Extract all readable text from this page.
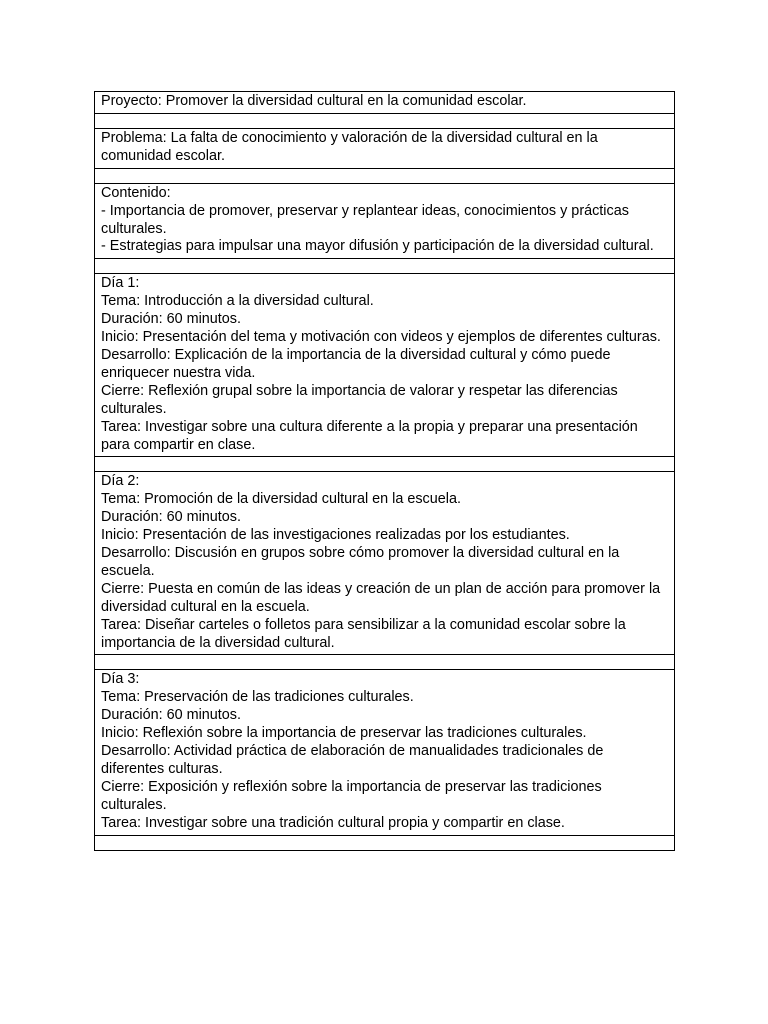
Proyecto: Promover la diversidad cultural en la comunidad escolar.

Problema: La falta de conocimiento y valoración de la diversidad cultural en la comunidad escolar.

Contenido:
- Importancia de promover, preservar y replantear ideas, conocimientos y prácticas culturales.
- Estrategias para impulsar una mayor difusión y participación de la diversidad cultural.

Día 1:
Tema: Introducción a la diversidad cultural.
Duración: 60 minutos.
Inicio: Presentación del tema y motivación con videos y ejemplos de diferentes culturas.
Desarrollo: Explicación de la importancia de la diversidad cultural y cómo puede enriquecer nuestra vida.
Cierre: Reflexión grupal sobre la importancia de valorar y respetar las diferencias culturales.
Tarea: Investigar sobre una cultura diferente a la propia y preparar una presentación para compartir en clase.

Día 2:
Tema: Promoción de la diversidad cultural en la escuela.
Duración: 60 minutos.
Inicio: Presentación de las investigaciones realizadas por los estudiantes.
Desarrollo: Discusión en grupos sobre cómo promover la diversidad cultural en la escuela.
Cierre: Puesta en común de las ideas y creación de un plan de acción para promover la diversidad cultural en la escuela.
Tarea: Diseñar carteles o folletos para sensibilizar a la comunidad escolar sobre la importancia de la diversidad cultural.

Día 3:
Tema: Preservación de las tradiciones culturales.
Duración: 60 minutos.
Inicio: Reflexión sobre la importancia de preservar las tradiciones culturales.
Desarrollo: Actividad práctica de elaboración de manualidades tradicionales de diferentes culturas.
Cierre: Exposición y reflexión sobre la importancia de preservar las tradiciones culturales.
Tarea: Investigar sobre una tradición cultural propia y compartir en clase.
